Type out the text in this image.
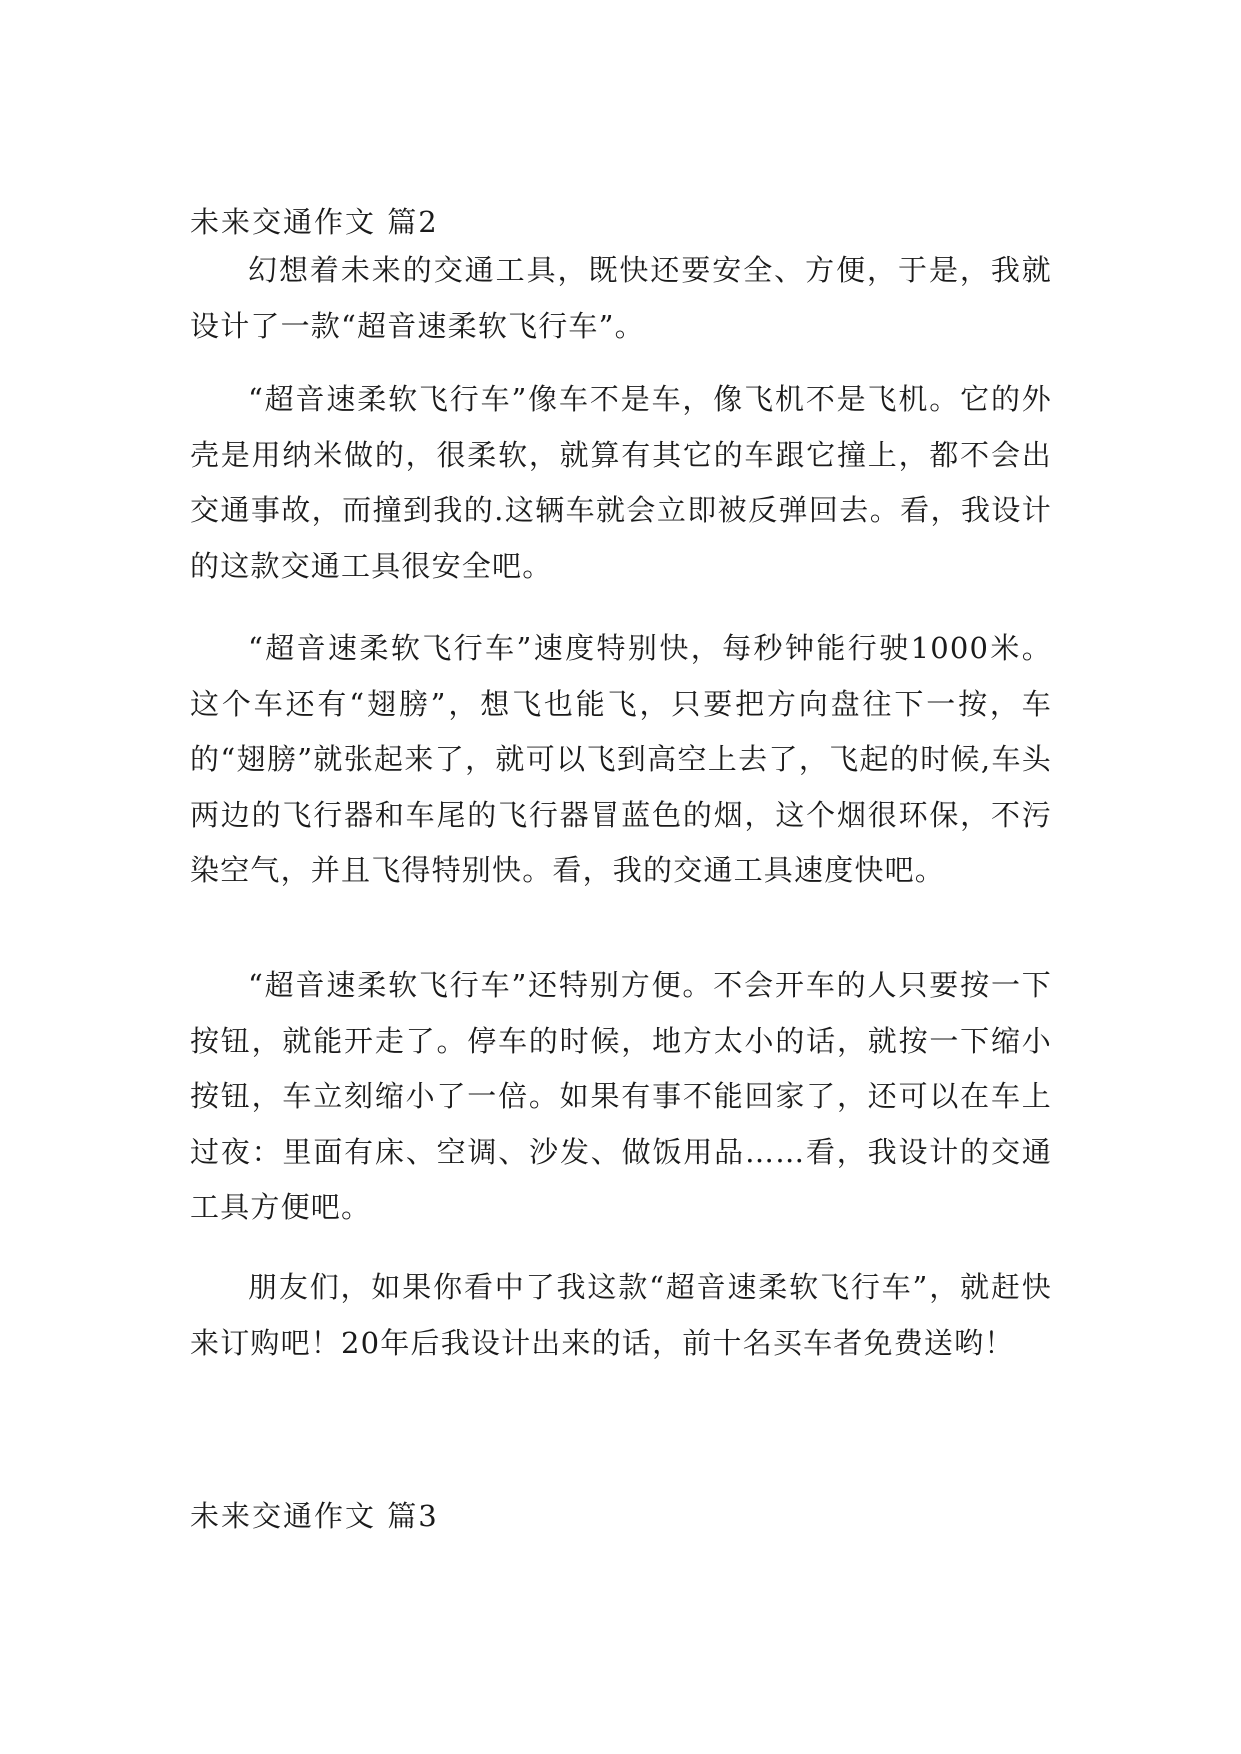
未来交通作文 篇2
幻想着未来的交通工具，既快还要安全、方便，于是，我就设计了一款“超音速柔软飞行车”。
“超音速柔软飞行车”像车不是车，像飞机不是飞机。它的外壳是用纳米做的，很柔软，就算有其它的车跟它撞上，都不会出交通事故，而撞到我的.这辆车就会立即被反弹回去。看，我设计的这款交通工具很安全吧。
“超音速柔软飞行车”速度特别快，每秒钟能行驶1000米。这个车还有“翅膀”，想飞也能飞，只要把方向盘往下一按，车的“翅膀”就张起来了，就可以飞到高空上去了，飞起的时候,车头两边的飞行器和车尾的飞行器冒蓝色的烟，这个烟很环保，不污染空气，并且飞得特别快。看，我的交通工具速度快吧。
“超音速柔软飞行车”还特别方便。不会开车的人只要按一下按钮，就能开走了。停车的时候，地方太小的话，就按一下缩小按钮，车立刻缩小了一倍。如果有事不能回家了，还可以在车上过夜：里面有床、空调、沙发、做饭用品……看，我设计的交通工具方便吧。
朋友们，如果你看中了我这款“超音速柔软飞行车”，就赶快来订购吧！20年后我设计出来的话，前十名买车者免费送哟！
未来交通作文 篇3
